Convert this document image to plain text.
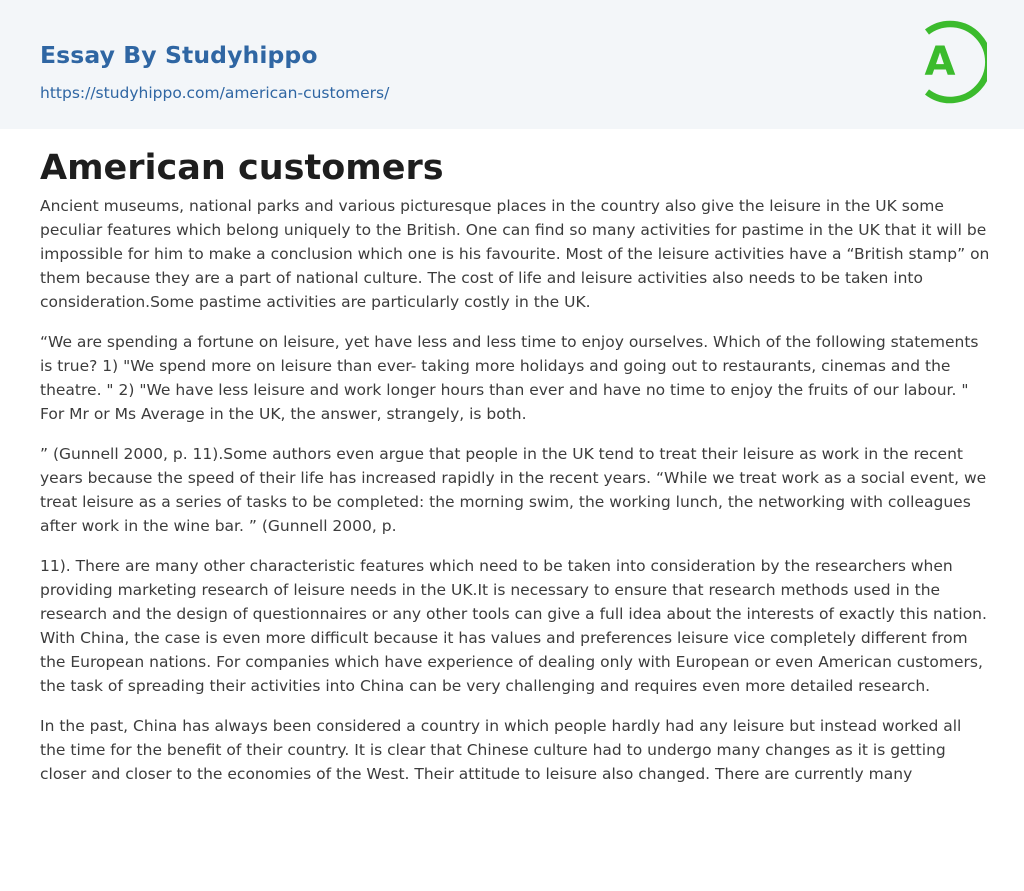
Essay By Studyhippo
https://studyhippo.com/american-customers/
A
American customers

Ancient museums, national parks and various picturesque places in the country also give the leisure in the UK some peculiar features which belong uniquely to the British. One can find so many activities for pastime in the UK that it will be impossible for him to make a conclusion which one is his favourite. Most of the leisure activities have a “British stamp” on them because they are a part of national culture. The cost of life and leisure activities also needs to be taken into consideration.Some pastime activities are particularly costly in the UK.

“We are spending a fortune on leisure, yet have less and less time to enjoy ourselves. Which of the following statements is true? 1) "We spend more on leisure than ever- taking more holidays and going out to restaurants, cinemas and the theatre. " 2) "We have less leisure and work longer hours than ever and have no time to enjoy the fruits of our labour. " For Mr or Ms Average in the UK, the answer, strangely, is both.

” (Gunnell 2000, p. 11).Some authors even argue that people in the UK tend to treat their leisure as work in the recent years because the speed of their life has increased rapidly in the recent years. “While we treat work as a social event, we treat leisure as a series of tasks to be completed: the morning swim, the working lunch, the networking with colleagues after work in the wine bar. ” (Gunnell 2000, p.

11). There are many other characteristic features which need to be taken into consideration by the researchers when providing marketing research of leisure needs in the UK.It is necessary to ensure that research methods used in the research and the design of questionnaires or any other tools can give a full idea about the interests of exactly this nation. With China, the case is even more difficult because it has values and preferences leisure vice completely different from the European nations. For companies which have experience of dealing only with European or even American customers, the task of spreading their activities into China can be very challenging and requires even more detailed research.

In the past, China has always been considered a country in which people hardly had any leisure but instead worked all the time for the benefit of their country. It is clear that Chinese culture had to undergo many changes as it is getting closer and closer to the economies of the West. Their attitude to leisure also changed. There are currently many
